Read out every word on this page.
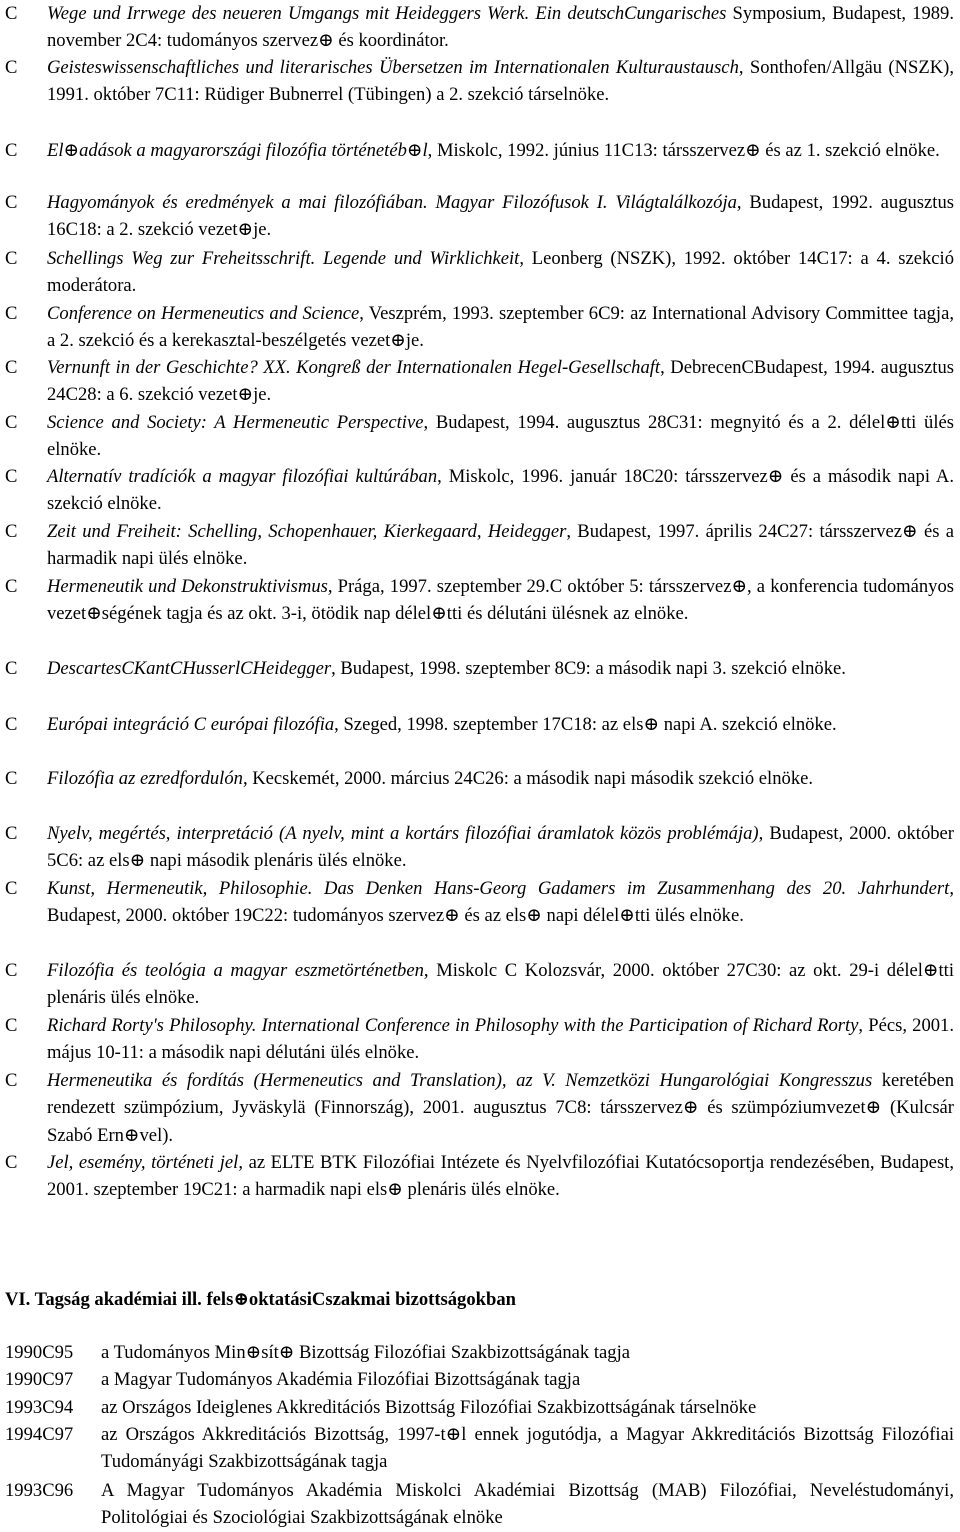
C Wege und Irrwege des neueren Umgangs mit Heideggers Werk. Ein deutschCungarisches Symposium, Budapest, 1989. november 2C4: tudományos szervez⊕ és koordinátor.
C Geisteswissenschaftliches und literarisches Übersetzen im Internationalen Kulturaustausch, Sonthofen/Allgäu (NSZK), 1991. október 7C11: Rüdiger Bubnerrel (Tübingen) a 2. szekció társelnöke.
C El⊕adások a magyarországi filozófia történetéb⊕l, Miskolc, 1992. június 11C13: társszervez⊕ és az 1. szekció elnöke.
C Hagyományok és eredmények a mai filozófiában. Magyar Filozófusok I. Világtalálkozója, Budapest, 1992. augusztus 16C18: a 2. szekció vezet⊕je.
C Schellings Weg zur Freheitsschrift. Legende und Wirklichkeit, Leonberg (NSZK), 1992. október 14C17: a 4. szekció moderátora.
C Conference on Hermeneutics and Science, Veszprém, 1993. szeptember 6C9: az International Advisory Committee tagja, a 2. szekció és a kerekasztal-beszélgetés vezet⊕je.
C Vernunft in der Geschichte? XX. Kongreß der Internationalen Hegel-Gesellschaft, DebrecenCBudapest, 1994. augusztus 24C28: a 6. szekció vezet⊕je.
C Science and Society: A Hermeneutic Perspective, Budapest, 1994. augusztus 28C31: megnyitó és a 2. délel⊕tti ülés elnöke.
C Alternatív tradíciók a magyar filozófiai kultúrában, Miskolc, 1996. január 18C20: társszervez⊕ és a második napi A. szekció elnöke.
C Zeit und Freiheit: Schelling, Schopenhauer, Kierkegaard, Heidegger, Budapest, 1997. április 24C27: társszervez⊕ és a harmadik napi ülés elnöke.
C Hermeneutik und Dekonstruktivismus, Prága, 1997. szeptember 29.C október 5: társszervez⊕, a konferencia tudományos vezet⊕ségének tagja és az okt. 3-i, ötödik nap délel⊕tti és délutáni ülésnek az elnöke.
C DescartesCKantCHusserlCHeidegger, Budapest, 1998. szeptember 8C9: a második napi 3. szekció elnöke.
C Európai integráció C európai filozófia, Szeged, 1998. szeptember 17C18: az els⊕ napi A. szekció elnöke.
C Filozófia az ezredfordulón, Kecskemét, 2000. március 24C26: a második napi második szekció elnöke.
C Nyelv, megértés, interpretáció (A nyelv, mint a kortárs filozófiai áramlatok közös problémája), Budapest, 2000. október 5C6: az els⊕ napi második plenáris ülés elnöke.
C Kunst, Hermeneutik, Philosophie. Das Denken Hans-Georg Gadamers im Zusammenhang des 20. Jahrhundert, Budapest, 2000. október 19C22: tudományos szervez⊕ és az els⊕ napi délel⊕tti ülés elnöke.
C Filozófia és teológia a magyar eszmetörténetben, Miskolc C Kolozsvár, 2000. október 27C30: az okt. 29-i délel⊕tti plenáris ülés elnöke.
C Richard Rorty's Philosophy. International Conference in Philosophy with the Participation of Richard Rorty, Pécs, 2001. május 10-11: a második napi délutáni ülés elnöke.
C Hermeneutika és fordítás (Hermeneutics and Translation), az V. Nemzetközi Hungarológiai Kongresszus keretében rendezett szümpózium, Jyväskylä (Finnország), 2001. augusztus 7C8: társszervez⊕ és szümpóziumvezet⊕ (Kulcsár Szabó Ern⊕vel).
C Jel, esemény, történeti jel, az ELTE BTK Filozófiai Intézete és Nyelvfilozófiai Kutatócsoportja rendezésében, Budapest, 2001. szeptember 19C21: a harmadik napi els⊕ plenáris ülés elnöke.
VI. Tagság akadémiai ill. fels⊕oktatásiCszakmai bizottságokban
1990C95 a Tudományos Min⊕sít⊕ Bizottság Filozófiai Szakbizottságának tagja
1990C97 a Magyar Tudományos Akadémia Filozófiai Bizottságának tagja
1993C94 az Országos Ideiglenes Akkreditációs Bizottság Filozófiai Szakbizottságának társelnöke
1994C97 az Országos Akkreditációs Bizottság, 1997-t⊕l ennek jogutódja, a Magyar Akkreditációs Bizottság Filozófiai Tudományági Szakbizottságának tagja
1993C96 A Magyar Tudományos Akadémia Miskolci Akadémiai Bizottság (MAB) Filozófiai, Neveléstudományi, Politológiai és Szociológiai Szakbizottságának elnöke
